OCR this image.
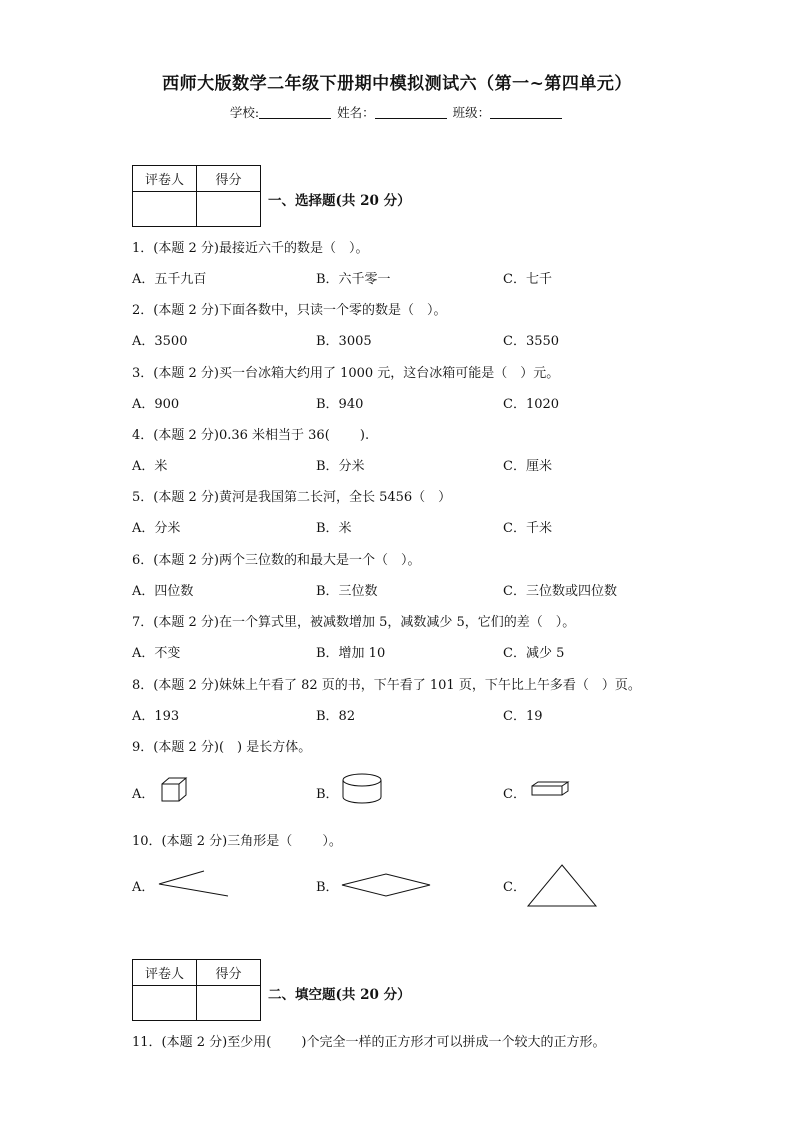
西师大版数学二年级下册期中模拟测试六（第一~第四单元）
学校:	姓名：	班级：
评卷人	得分

一、选择题(共 20 分）
1．(本题 2 分)最接近六千的数是（　）。
A．五千九百	B．六千零一	C．七千
2．(本题 2 分)下面各数中，只读一个零的数是（　）。
A．3500	B．3005	C．3550
3．(本题 2 分)买一台冰箱大约用了 1000 元，这台冰箱可能是（　）元。
A．900	B．940	C．1020
4．(本题 2 分)0.36 米相当于 36(　　 ).
A．米	B．分米	C．厘米
5．(本题 2 分)黄河是我国第二长河，全长 5456（　）
A．分米	B．米	C．千米
6．(本题 2 分)两个三位数的和最大是一个（　）。
A．四位数	B．三位数	C．三位数或四位数
7．(本题 2 分)在一个算式里，被减数增加 5，减数减少 5，它们的差（　）。
A．不变	B．增加 10	C．减少 5
8．(本题 2 分)妹妹上午看了 82 页的书，下午看了 101 页，下午比上午多看（　）页。
A．193	B．82	C．19
9．(本题 2 分)(　) 是长方体。
A．	B．	C．
10．(本题 2 分)三角形是（　　 ）。
A．	B．	C．
评卷人	得分

二、填空题(共 20 分）
11．(本题 2 分)至少用(　　 )个完全一样的正方形才可以拼成一个较大的正方形。
